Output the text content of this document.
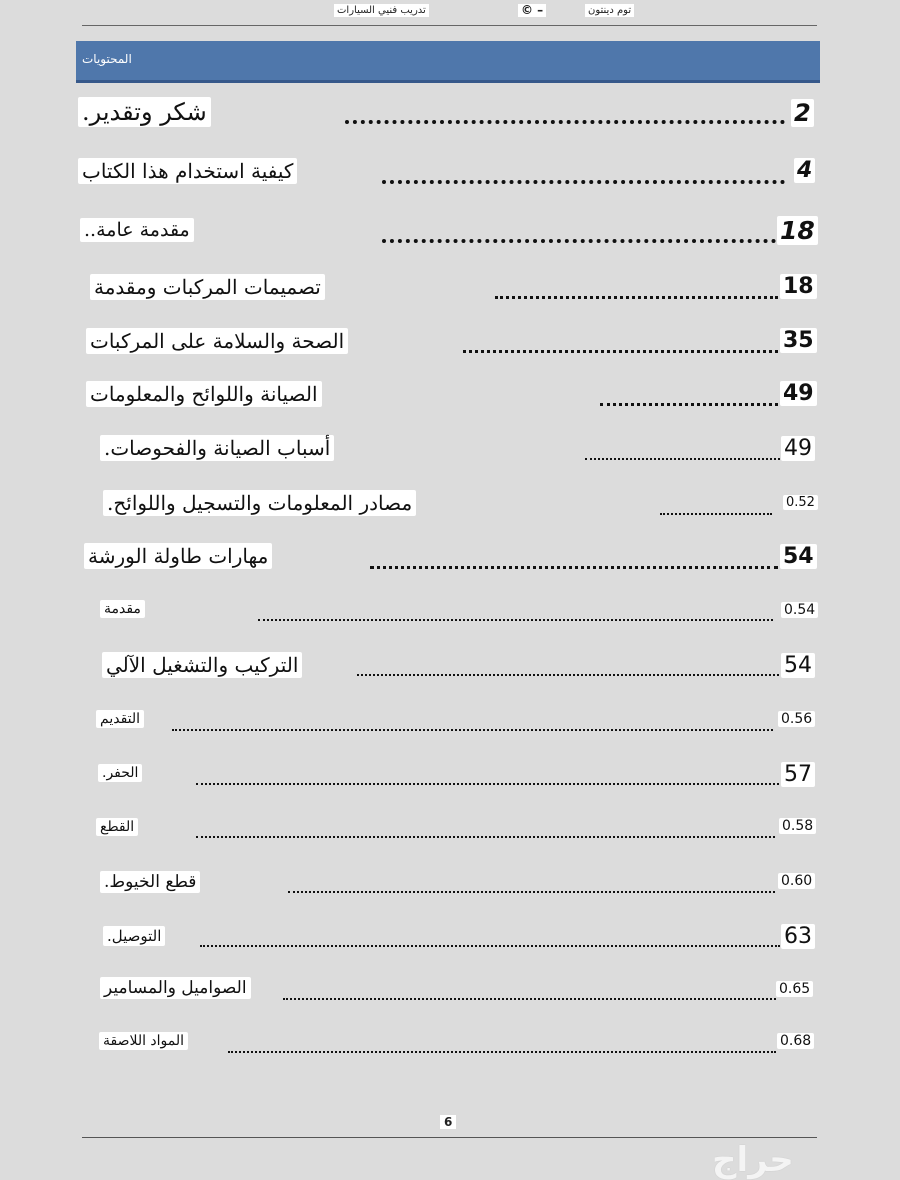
توم دينتون
© –
تدريب فنيي السيارات
المحتويات
شكر وتقدير.	2
كيفية استخدام هذا الكتاب	4
مقدمة عامة..	18
تصميمات المركبات ومقدمة	18
الصحة والسلامة على المركبات	35
الصيانة واللوائح والمعلومات	49
أسباب الصيانة والفحوصات.	49
مصادر المعلومات والتسجيل واللوائح.	0.52
مهارات طاولة الورشة	54
مقدمة	0.54
التركيب والتشغيل الآلي	54
التقديم	0.56
الحفر.	57
القطع	0.58
قطع الخيوط.	0.60
التوصيل.	63
الصواميل والمسامير	0.65
المواد اللاصقة	0.68
6
حراج
